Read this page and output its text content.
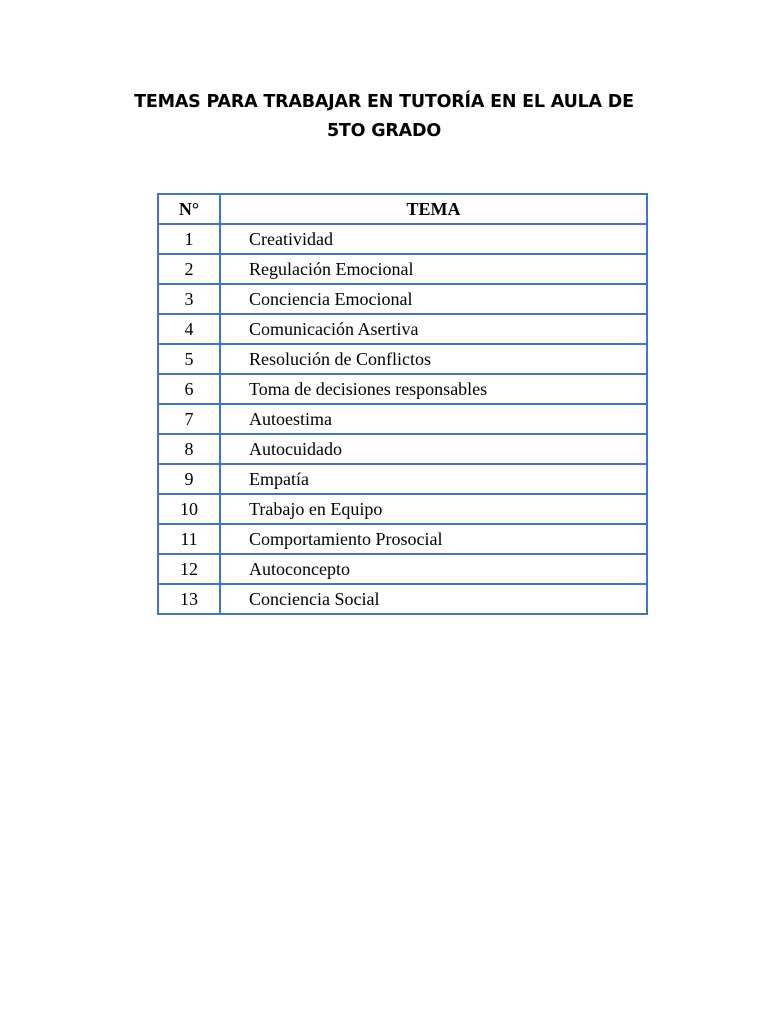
TEMAS PARA TRABAJAR EN TUTORÍA EN EL AULA DE
5TO GRADO
N°	TEMA
1	Creatividad
2	Regulación Emocional
3	Conciencia Emocional
4	Comunicación Asertiva
5	Resolución de Conflictos
6	Toma de decisiones responsables
7	Autoestima
8	Autocuidado
9	Empatía
10	Trabajo en Equipo
11	Comportamiento Prosocial
12	Autoconcepto
13	Conciencia Social
